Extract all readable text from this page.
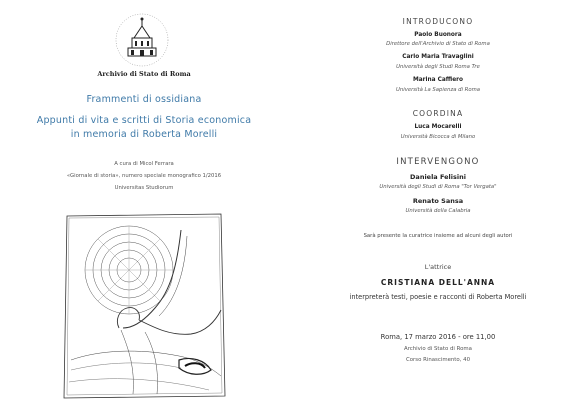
Archivio di Stato di Roma
Frammenti di ossidiana
Appunti di vita e scritti di Storia economica
in memoria di Roberta Morelli
A cura di Micol Ferrara
«Giornale di storia», numero speciale monografico 1/2016
Universitas Studiorum
INTRODUCONO
Paolo Buonora
Direttore dell'Archivio di Stato di Roma
Carlo Maria Travaglini
Università degli Studi Roma Tre
Marina Caffiero
Università La Sapienza di Roma
COORDINA
Luca Mocarelli
Università Bicocca di Milano
INTERVENGONO
Daniela Felisini
Università degli Studi di Roma "Tor Vergata"
Renato Sansa
Università della Calabria
Sarà presente la curatrice insieme ad alcuni degli autori
L'attrice
CRISTIANA DELL'ANNA
interpreterà testi, poesie e racconti di Roberta Morelli
Roma, 17 marzo 2016 - ore 11,00
Archivio di Stato di Roma
Corso Rinascimento, 40
